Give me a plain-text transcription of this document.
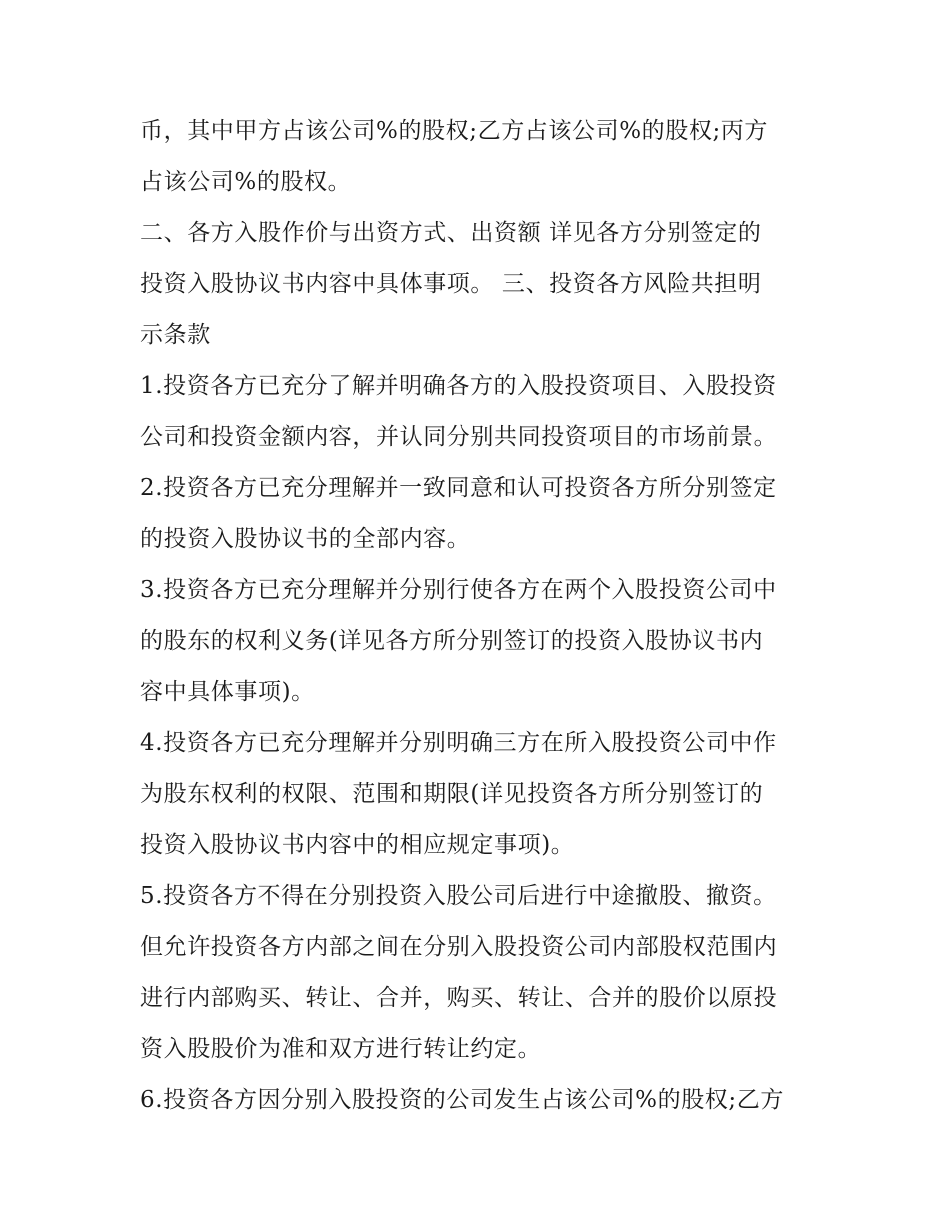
币，其中甲方占该公司%的股权;乙方占该公司%的股权;丙方
占该公司%的股权。
二、各方入股作价与出资方式、出资额 详见各方分别签定的
投资入股协议书内容中具体事项。 三、投资各方风险共担明
示条款
1.投资各方已充分了解并明确各方的入股投资项目、入股投资
公司和投资金额内容，并认同分别共同投资项目的市场前景。
2.投资各方已充分理解并一致同意和认可投资各方所分别签定
的投资入股协议书的全部内容。
3.投资各方已充分理解并分别行使各方在两个入股投资公司中
的股东的权利义务(详见各方所分别签订的投资入股协议书内
容中具体事项)。
4.投资各方已充分理解并分别明确三方在所入股投资公司中作
为股东权利的权限、范围和期限(详见投资各方所分别签订的
投资入股协议书内容中的相应规定事项)。
5.投资各方不得在分别投资入股公司后进行中途撤股、撤资。
但允许投资各方内部之间在分别入股投资公司内部股权范围内
进行内部购买、转让、合并，购买、转让、合并的股价以原投
资入股股价为准和双方进行转让约定。
6.投资各方因分别入股投资的公司发生占该公司%的股权;乙方
